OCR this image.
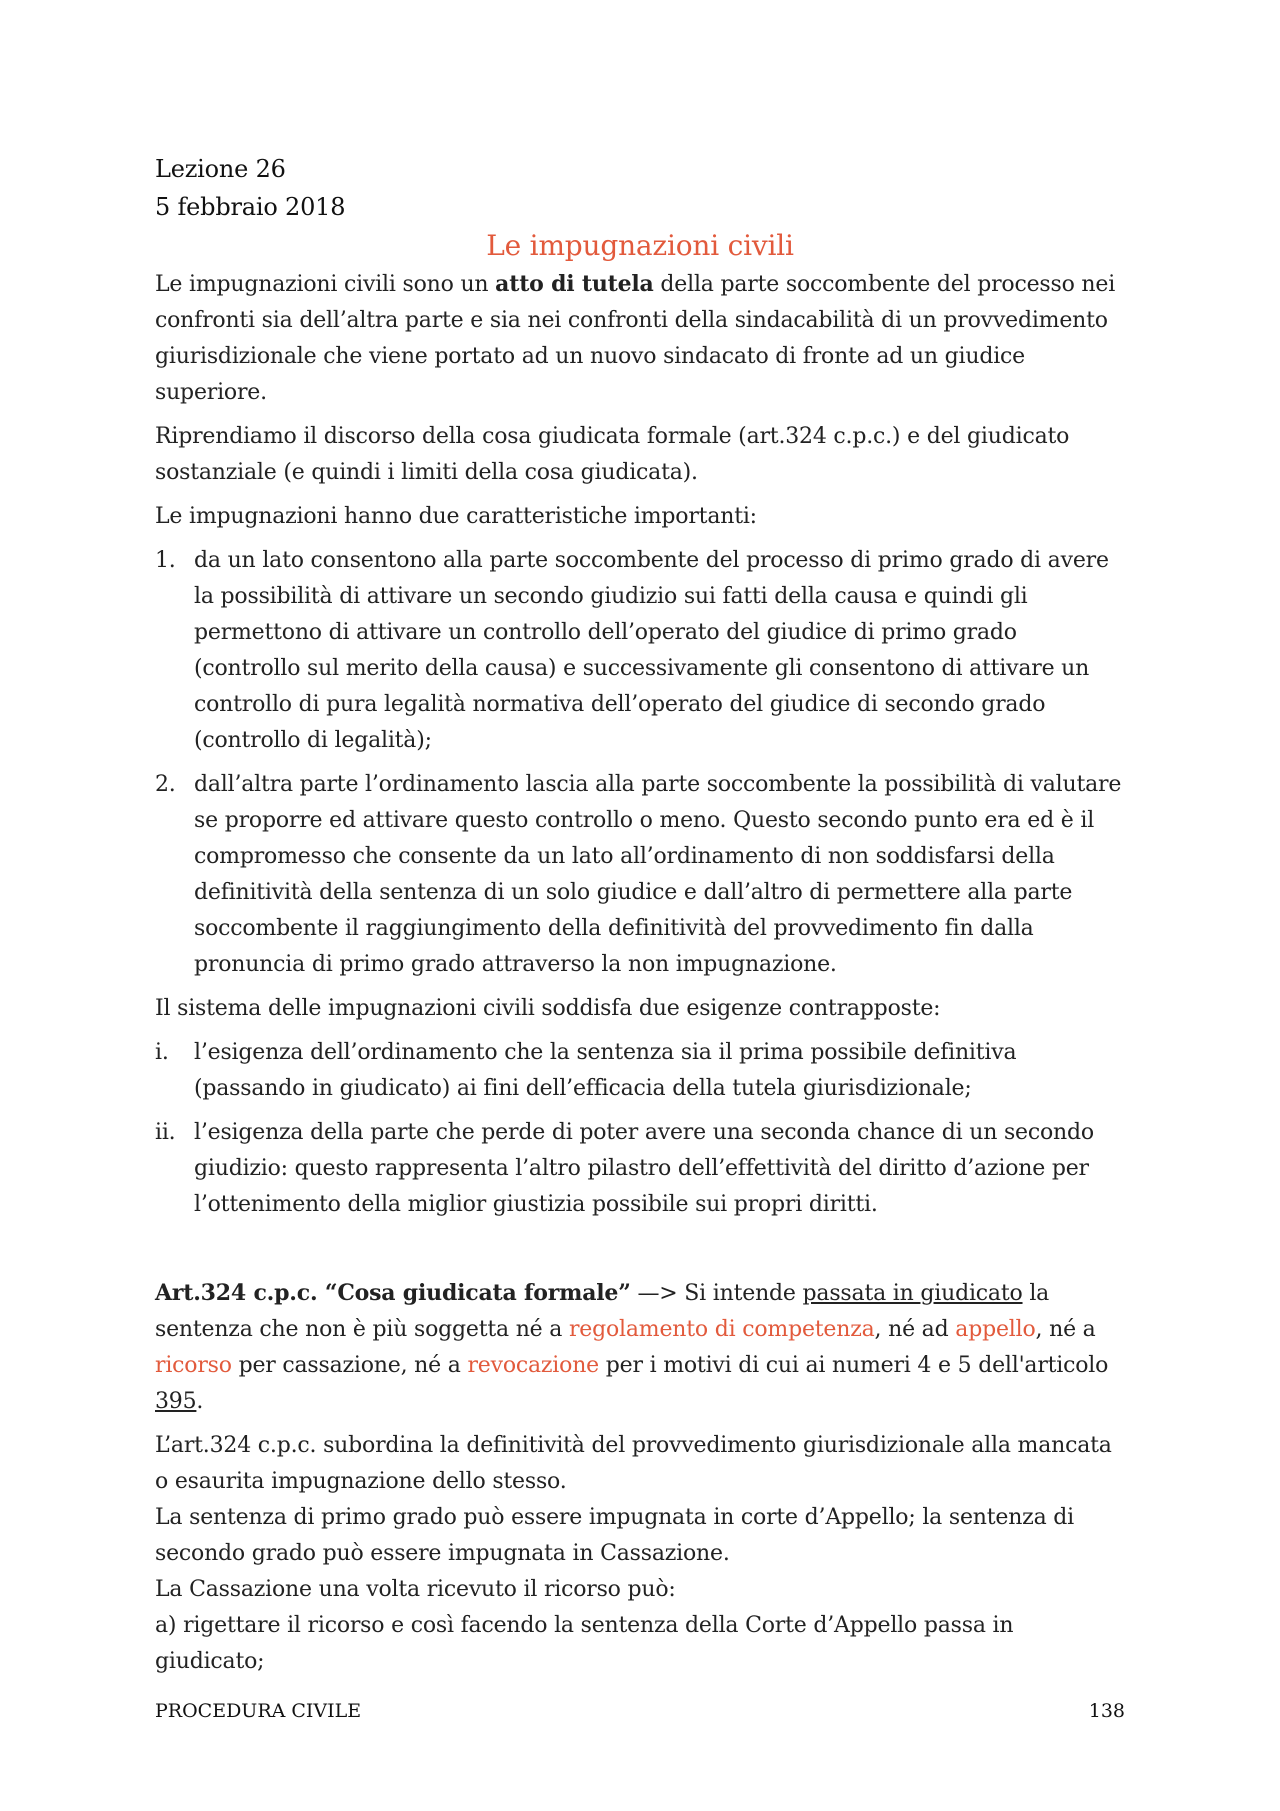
Lezione 26
5 febbraio 2018
Le impugnazioni civili

Le impugnazioni civili sono un atto di tutela della parte soccombente del processo nei confronti sia dell’altra parte e sia nei confronti della sindacabilità di un provvedimento giurisdizionale che viene portato ad un nuovo sindacato di fronte ad un giudice superiore.

Riprendiamo il discorso della cosa giudicata formale (art.324 c.p.c.) e del giudicato sostanziale (e quindi i limiti della cosa giudicata).

Le impugnazioni hanno due caratteristiche importanti:

1. da un lato consentono alla parte soccombente del processo di primo grado di avere la possibilità di attivare un secondo giudizio sui fatti della causa e quindi gli permettono di attivare un controllo dell’operato del giudice di primo grado (controllo sul merito della causa) e successivamente gli consentono di attivare un controllo di pura legalità normativa dell’operato del giudice di secondo grado (controllo di legalità);
2. dall’altra parte l’ordinamento lascia alla parte soccombente la possibilità di valutare se proporre ed attivare questo controllo o meno. Questo secondo punto era ed è il compromesso che consente da un lato all’ordinamento di non soddisfarsi della definitività della sentenza di un solo giudice e dall’altro di permettere alla parte soccombente il raggiungimento della definitività del provvedimento fin dalla pronuncia di primo grado attraverso la non impugnazione.

Il sistema delle impugnazioni civili soddisfa due esigenze contrapposte:

i. l’esigenza dell’ordinamento che la sentenza sia il prima possibile definitiva (passando in giudicato) ai fini dell’efficacia della tutela giurisdizionale;
ii. l’esigenza della parte che perde di poter avere una seconda chance di un secondo giudizio: questo rappresenta l’altro pilastro dell’effettività del diritto d’azione per l’ottenimento della miglior giustizia possibile sui propri diritti.

Art.324 c.p.c. “Cosa giudicata formale” —> Si intende passata in giudicato la sentenza che non è più soggetta né a regolamento di competenza, né ad appello, né a ricorso per cassazione, né a revocazione per i motivi di cui ai numeri 4 e 5 dell'articolo 395.

L’art.324 c.p.c. subordina la definitività del provvedimento giurisdizionale alla mancata o esaurita impugnazione dello stesso.

La sentenza di primo grado può essere impugnata in corte d’Appello; la sentenza di secondo grado può essere impugnata in Cassazione.

La Cassazione una volta ricevuto il ricorso può:

a) rigettare il ricorso e così facendo la sentenza della Corte d’Appello passa in giudicato;

PROCEDURA CIVILE	138
